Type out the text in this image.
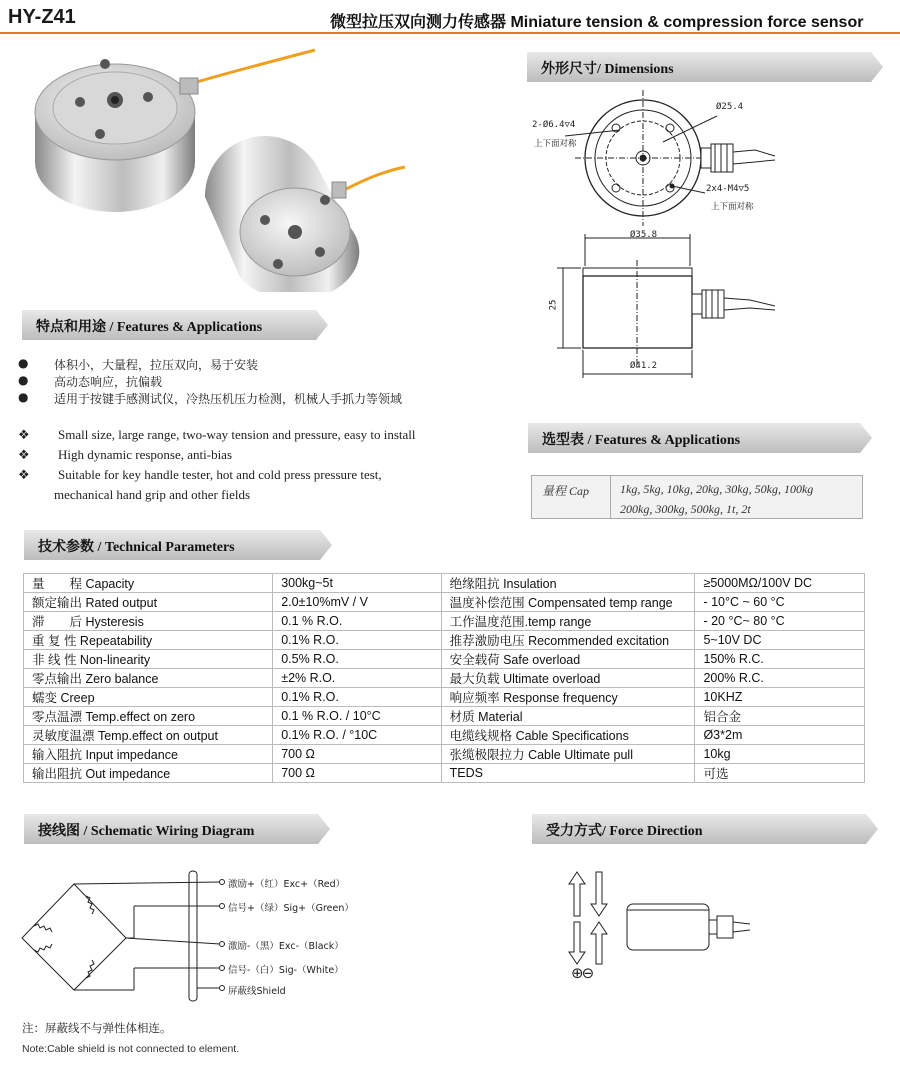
HY-Z41	微型拉压双向测力传感器 Miniature tension & compression force sensor
外形尺寸/ Dimensions
Ø25.4
2-Ø6.4▽4
上下面对称
2x4-M4▽5
上下面对称
Ø35.8
25
Ø41.2
特点和用途 / Features & Applications
● 体积小，大量程，拉压双向，易于安装
● 高动态响应，抗偏载
● 适用于按键手感测试仪，冷热压机压力检测，机械人手抓力等领域
❖ Small size, large range, two-way tension and pressure, easy to install
❖ High dynamic response, anti-bias
❖ Suitable for key handle tester, hot and cold press pressure test,
mechanical hand grip and other fields
选型表 / Features & Applications
量程 Cap	1kg, 5kg, 10kg, 20kg, 30kg, 50kg, 100kg
200kg, 300kg, 500kg, 1t, 2t
技术参数 / Technical Parameters
量　　程 Capacity	300kg~5t	绝缘阻抗 Insulation	≥5000MΩ/100V DC
额定输出 Rated output	2.0±10%mV / V	温度补偿范围 Compensated temp range	- 10°C ~ 60 °C
滞　　后 Hysteresis	0.1 % R.O.	工作温度范围.temp range	- 20 °C~ 80 °C
重 复 性 Repeatability	0.1% R.O.	推荐激励电压 Recommended excitation	5~10V DC
非 线 性 Non-linearity	0.5% R.O.	安全载荷 Safe overload	150% R.C.
零点输出 Zero balance	±2% R.O.	最大负载 Ultimate overload	200% R.C.
蠕变 Creep	0.1% R.O.	响应频率 Response frequency	10KHZ
零点温漂 Temp.effect on zero	0.1 % R.O. / 10°C	材质 Material	铝合金
灵敏度温漂 Temp.effect on output	0.1% R.O. / °10C	电缆线规格 Cable Specifications	Ø3*2m
输入阻抗 Input impedance	700 Ω	张缆极限拉力 Cable Ultimate pull	10kg
输出阻抗 Out impedance	700 Ω	TEDS	可选
接线图 / Schematic Wiring Diagram	受力方式/ Force Direction
激励+（红）Exc+（Red）
信号+（绿）Sig+（Green）
激励-（黑）Exc-（Black）
信号-（白）Sig-（White）
屏蔽线Shield
⊕⊖
注：屏蔽线不与弹性体相连。
Note:Cable shield is not connected to element.
